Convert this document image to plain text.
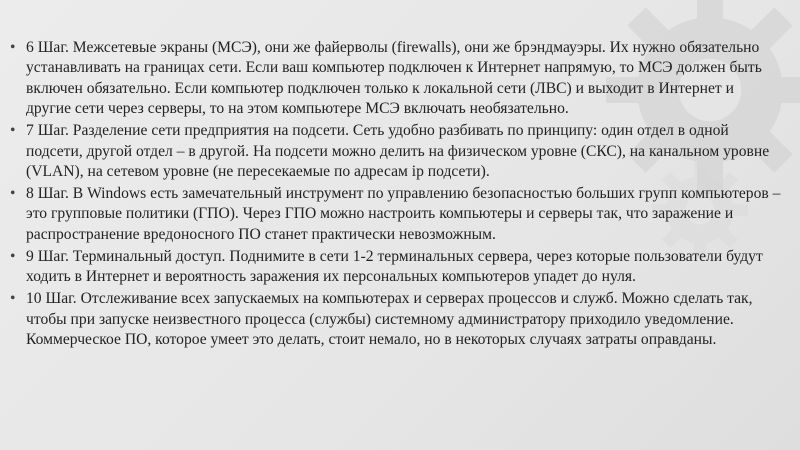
• 6 Шаг. Межсетевые экраны (МСЭ), они же файерволы (firewalls), они же брэндмауэры. Их нужно обязательно устанавливать на границах сети. Если ваш компьютер подключен к Интернет напрямую, то МСЭ должен быть включен обязательно. Если компьютер подключен только к локальной сети (ЛВС) и выходит в Интернет и другие сети через серверы, то на этом компьютере МСЭ включать необязательно.
• 7 Шаг. Разделение сети предприятия на подсети. Сеть удобно разбивать по принципу: один отдел в одной подсети, другой отдел – в другой. На подсети можно делить на физическом уровне (СКС), на канальном уровне (VLAN), на сетевом уровне (не пересекаемые по адресам ip подсети).
• 8 Шаг. В Windows есть замечательный инструмент по управлению безопасностью больших групп компьютеров – это групповые политики (ГПО). Через ГПО можно настроить компьютеры и серверы так, что заражение и распространение вредоносного ПО станет практически невозможным.
• 9 Шаг. Терминальный доступ. Поднимите в сети 1-2 терминальных сервера, через которые пользователи будут ходить в Интернет и вероятность заражения их персональных компьютеров упадет до нуля.
• 10 Шаг. Отслеживание всех запускаемых на компьютерах и серверах процессов и служб. Можно сделать так, чтобы при запуске неизвестного процесса (службы) системному администратору приходило уведомление. Коммерческое ПО, которое умеет это делать, стоит немало, но в некоторых случаях затраты оправданы.
